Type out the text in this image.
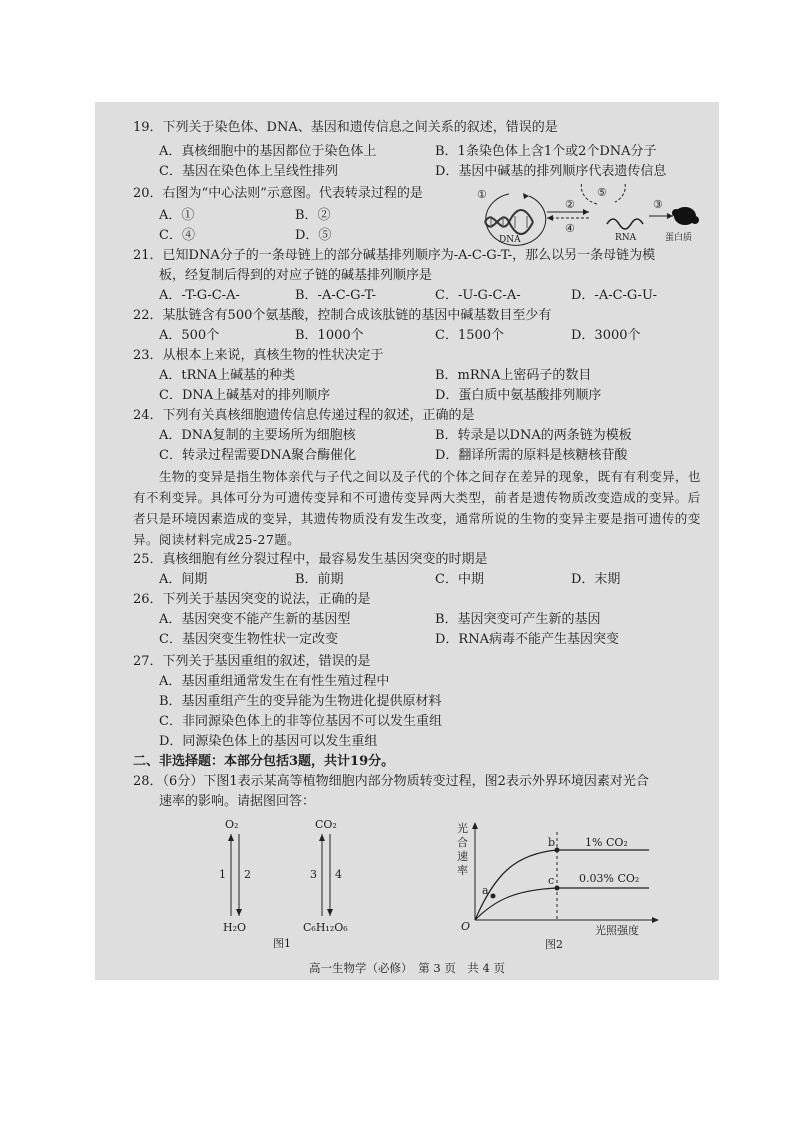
19．下列关于染色体、DNA、基因和遗传信息之间关系的叙述，错误的是
A．真核细胞中的基因都位于染色体上	B．1条染色体上含1个或2个DNA分子
C．基因在染色体上呈线性排列	D．基因中碱基的排列顺序代表遗传信息
20．右图为“中心法则”示意图。代表转录过程的是
A．①	B．②
C．④	D．⑤	DNA
①
②
④
⑤
RNA
③
蛋白质
21．已知DNA分子的一条母链上的部分碱基排列顺序为-A-C-G-T-，那么以另一条母链为模
板，经复制后得到的对应子链的碱基排列顺序是
A．-T-G-C-A-	B．-A-C-G-T-	C．-U-G-C-A-	D．-A-C-G-U-
22．某肽链含有500个氨基酸，控制合成该肽链的基因中碱基数目至少有
A．500个	B．1000个	C．1500个	D．3000个
23．从根本上来说，真核生物的性状决定于
A．tRNA上碱基的种类	B．mRNA上密码子的数目
C．DNA上碱基对的排列顺序	D．蛋白质中氨基酸排列顺序
24．下列有关真核细胞遗传信息传递过程的叙述，正确的是
A．DNA复制的主要场所为细胞核	B．转录是以DNA的两条链为模板
C．转录过程需要DNA聚合酶催化	D．翻译所需的原料是核糖核苷酸
生物的变异是指生物体亲代与子代之间以及子代的个体之间存在差异的现象，既有有利变异，也有不利变异。具体可分为可遗传变异和不可遗传变异两大类型，前者是遗传物质改变造成的变异。后者只是环境因素造成的变异，其遗传物质没有发生改变，通常所说的生物的变异主要是指可遗传的变异。阅读材料完成25-27题。
25．真核细胞有丝分裂过程中，最容易发生基因突变的时期是
A．间期	B．前期	C．中期	D．末期
26．下列关于基因突变的说法，正确的是
A．基因突变不能产生新的基因型	B．基因突变可产生新的基因
C．基因突变生物性状一定改变	D．RNA病毒不能产生基因突变
27．下列关于基因重组的叙述，错误的是
A．基因重组通常发生在有性生殖过程中
B．基因重组产生的变异能为生物进化提供原材料
C．非同源染色体上的非等位基因不可以发生重组
D．同源染色体上的基因可以发生重组
二、非选择题：本部分包括3题，共计19分。
28．（6分）下图1表示某高等植物细胞内部分物质转变过程，图2表示外界环境因素对光合
速率的影响。请据图回答：
O₂	CO₂
1 2	3 4
H₂O	C₆H₁₂O₆
图1
光
合
速
率
O	光照强度
a
b
c
1% CO₂
0.03% CO₂
图2
高一生物学（必修）　第 3 页　共 4 页
